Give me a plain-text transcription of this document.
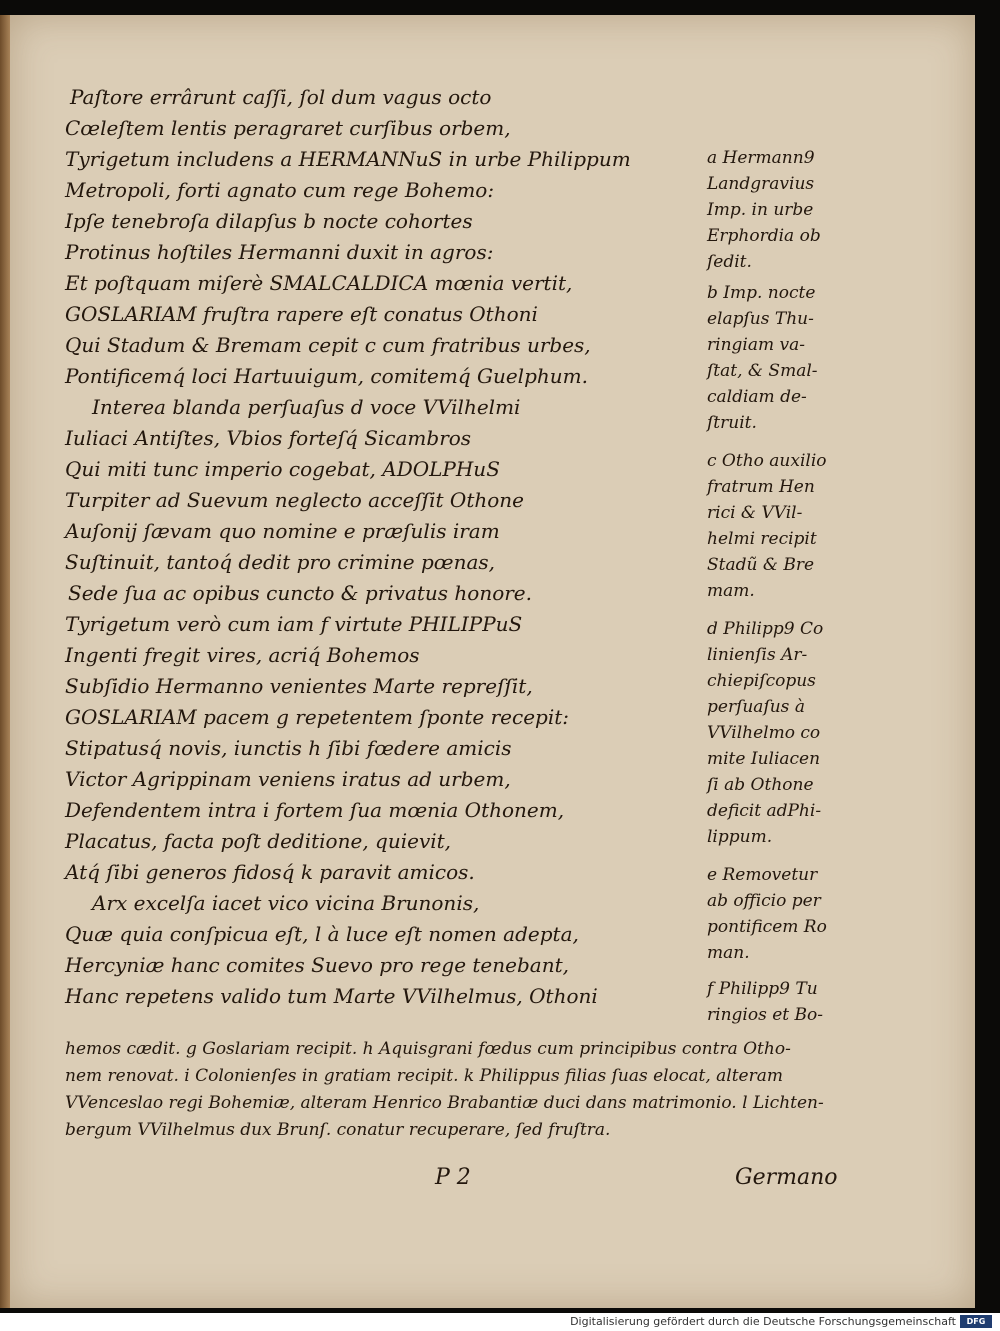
Paſtore errârunt caſſi, ſol dum vagus octo

Cœleſtem lentis peragraret curſibus orbem,

Tyrigetum includens a HERMANNuS in urbe Philippum

Metropoli, forti agnato cum rege Bohemo:

Ipſe tenebroſa dilapſus b nocte cohortes

Protinus hoſtiles Hermanni duxit in agros:

Et poſtquam miſerè SMALCALDICA mœnia vertit,

GOSLARIAM fruſtra rapere eſt conatus Othoni

Qui Stadum & Bremam cepit c cum fratribus urbes,

Pontificemq́ loci Hartuuigum, comitemq́ Guelphum.

Interea blanda perſuaſus d voce VVilhelmi

Iuliaci Antiſtes, Vbios forteſq́ Sicambros

Qui miti tunc imperio cogebat, ADOLPHuS

Turpiter ad Suevum neglecto acceſſit Othone

Auſonij ſævam quo nomine e præſulis iram

Suſtinuit, tantoq́ dedit pro crimine pœnas,

Sede ſua ac opibus cuncto & privatus honore.

Tyrigetum verò cum iam f virtute PHILIPPuS

Ingenti fregit vires, acriq́ Bohemos

Subſidio Hermanno venientes Marte repreſſit,

GOSLARIAM pacem g repetentem ſponte recepit:

Stipatusq́ novis, iunctis h ſibi fœdere amicis

Victor Agrippinam veniens iratus ad urbem,

Defendentem intra i fortem ſua mœnia Othonem,

Placatus, facta poſt deditione, quievit,

Atq́ ſibi generos fidosq́ k paravit amicos.

Arx excelſa iacet vico vicina Brunonis,

Quæ quia conſpicua eſt, l à luce eſt nomen adepta,

Hercyniæ hanc comites Suevo pro rege tenebant,

Hanc repetens valido tum Marte VVilhelmus, Othoni

a Hermann9

Landgravius

Imp. in urbe

Erphordia ob

ſedit.

b Imp. nocte

elapſus Thu-

ringiam va-

ſtat, & Smal-

caldiam de-

ſtruit.

c Otho auxilio

fratrum Hen

rici & VVil-

helmi recipit

Stadũ & Bre

mam.

d Philipp9 Co

linienſis Ar-

chiepiſcopus

perſuaſus à

VVilhelmo co

mite Iuliacen

ſi ab Othone

deficit adPhi-

lippum.

e Removetur

ab officio per

pontificem Ro

man.

f Philipp9 Tu

ringios et Bo-

hemos cædit. g Goslariam recipit. h Aquisgrani fœdus cum principibus contra Otho-

nem renovat. i Colonienſes in gratiam recipit. k Philippus filias ſuas elocat, alteram

VVenceslao regi Bohemiæ, alteram Henrico Brabantiæ duci dans matrimonio. l Lichten-

bergum VVilhelmus dux Brunſ. conatur recuperare, ſed fruſtra.

P 2	Germano

Digitalisierung gefördert durch die Deutsche Forschungsgemeinschaft	DFG
